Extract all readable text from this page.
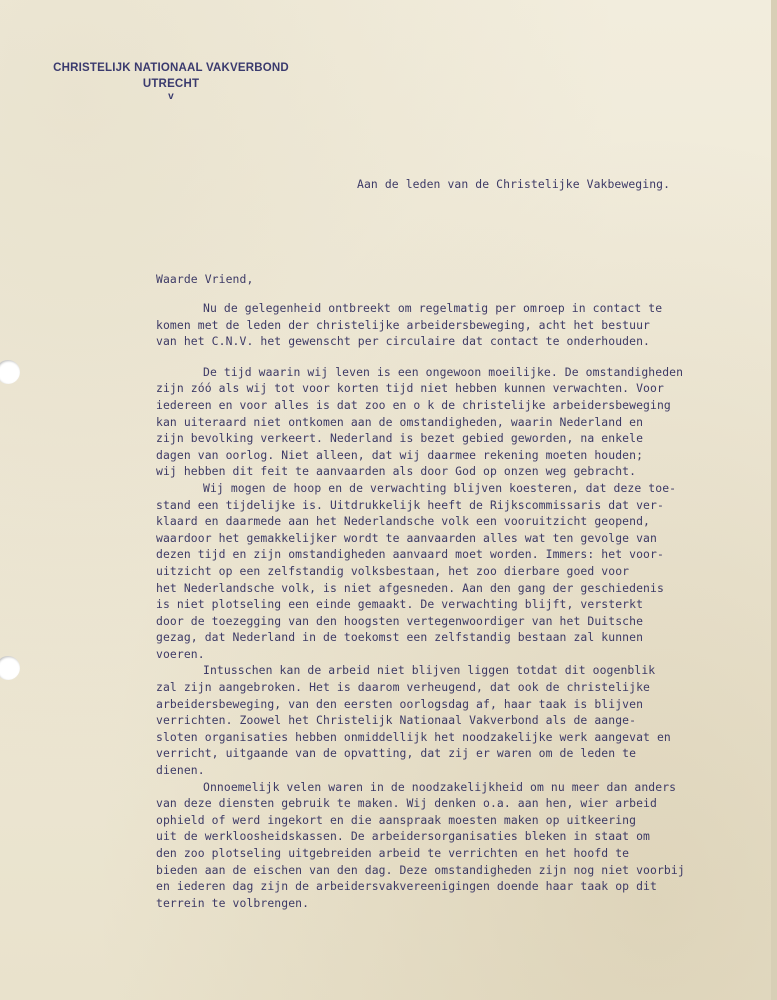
CHRISTELIJK NATIONAAL VAKVERBOND
UTRECHT
v
Aan de leden van de Christelijke Vakbeweging.
Waarde Vriend,

Nu de gelegenheid ontbreekt om regelmatig per omroep in contact te

komen met de leden der christelijke arbeidersbeweging, acht het bestuur

van het C.N.V. het gewenscht per circulaire dat contact te onderhouden.

De tijd waarin wij leven is een ongewoon moeilijke. De omstandigheden

zijn zóó als wij tot voor korten tijd niet hebben kunnen verwachten. Voor

iedereen en voor alles is dat zoo en o k de christelijke arbeidersbeweging

kan uiteraard niet ontkomen aan de omstandigheden, waarin Nederland en

zijn bevolking verkeert. Nederland is bezet gebied geworden, na enkele

dagen van oorlog. Niet alleen, dat wij daarmee rekening moeten houden;

wij hebben dit feit te aanvaarden als door God op onzen weg gebracht.

Wij mogen de hoop en de verwachting blijven koesteren, dat deze toe-

stand een tijdelijke is. Uitdrukkelijk heeft de Rijkscommissaris dat ver-

klaard en daarmede aan het Nederlandsche volk een vooruitzicht geopend,

waardoor het gemakkelijker wordt te aanvaarden alles wat ten gevolge van

dezen tijd en zijn omstandigheden aanvaard moet worden. Immers: het voor-

uitzicht op een zelfstandig volksbestaan, het zoo dierbare goed voor

het Nederlandsche volk, is niet afgesneden. Aan den gang der geschiedenis

is niet plotseling een einde gemaakt. De verwachting blijft, versterkt

door de toezegging van den hoogsten vertegenwoordiger van het Duitsche

gezag, dat Nederland in de toekomst een zelfstandig bestaan zal kunnen

voeren.

Intusschen kan de arbeid niet blijven liggen totdat dit oogenblik

zal zijn aangebroken. Het is daarom verheugend, dat ook de christelijke

arbeidersbeweging, van den eersten oorlogsdag af, haar taak is blijven

verrichten. Zoowel het Christelijk Nationaal Vakverbond als de aange-

sloten organisaties hebben onmiddellijk het noodzakelijke werk aangevat en

verricht, uitgaande van de opvatting, dat zij er waren om de leden te

dienen.

Onnoemelijk velen waren in de noodzakelijkheid om nu meer dan anders

van deze diensten gebruik te maken. Wij denken o.a. aan hen, wier arbeid

ophield of werd ingekort en die aanspraak moesten maken op uitkeering

uit de werkloosheidskassen. De arbeidersorganisaties bleken in staat om

den zoo plotseling uitgebreiden arbeid te verrichten en het hoofd te

bieden aan de eischen van den dag. Deze omstandigheden zijn nog niet voorbij

en iederen dag zijn de arbeidersvakvereenigingen doende haar taak op dit

terrein te volbrengen.
